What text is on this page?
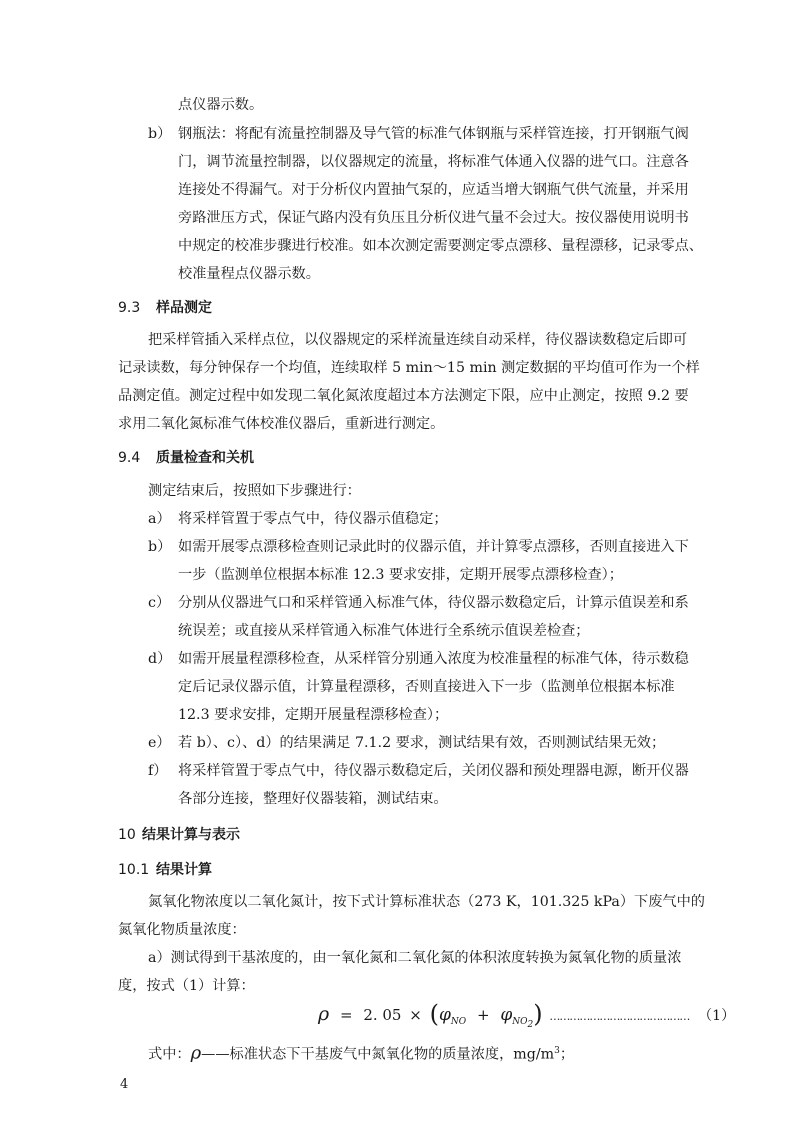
点仪器示数。
b） 钢瓶法：将配有流量控制器及导气管的标准气体钢瓶与采样管连接，打开钢瓶气阀
门，调节流量控制器，以仪器规定的流量，将标准气体通入仪器的进气口。注意各
连接处不得漏气。对于分析仪内置抽气泵的，应适当增大钢瓶气供气流量，并采用
旁路泄压方式，保证气路内没有负压且分析仪进气量不会过大。按仪器使用说明书
中规定的校准步骤进行校准。如本次测定需要测定零点漂移、量程漂移，记录零点、
校准量程点仪器示数。
9.3 样品测定
把采样管插入采样点位，以仪器规定的采样流量连续自动采样，待仪器读数稳定后即可
记录读数，每分钟保存一个均值，连续取样 5 min～15 min 测定数据的平均值可作为一个样
品测定值。测定过程中如发现二氧化氮浓度超过本方法测定下限，应中止测定，按照 9.2 要
求用二氧化氮标准气体校准仪器后，重新进行测定。
9.4 质量检查和关机
测定结束后，按照如下步骤进行：
a） 将采样管置于零点气中，待仪器示值稳定；
b） 如需开展零点漂移检查则记录此时的仪器示值，并计算零点漂移，否则直接进入下
一步（监测单位根据本标准 12.3 要求安排，定期开展零点漂移检查）；
c） 分别从仪器进气口和采样管通入标准气体，待仪器示数稳定后，计算示值误差和系
统误差；或直接从采样管通入标准气体进行全系统示值误差检查；
d） 如需开展量程漂移检查，从采样管分别通入浓度为校准量程的标准气体，待示数稳
定后记录仪器示值，计算量程漂移，否则直接进入下一步（监测单位根据本标准
12.3 要求安排，定期开展量程漂移检查）；
e） 若 b）、c）、d）的结果满足 7.1.2 要求，测试结果有效，否则测试结果无效；
f） 将采样管置于零点气中，待仪器示数稳定后，关闭仪器和预处理器电源，断开仪器
各部分连接，整理好仪器装箱，测试结束。
10 结果计算与表示
10.1 结果计算
氮氧化物浓度以二氧化氮计，按下式计算标准状态（273 K，101.325 kPa）下废气中的
氮氧化物质量浓度：
a）测试得到干基浓度的，由一氧化氮和二氧化氮的体积浓度转换为氮氧化物的质量浓
度，按式（1）计算：
ρ = 2. $05 \times (\varphi_{NO} + \varphi_{NO_2})$ …………………………………… （1）
式中：ρ——标准状态下干基废气中氮氧化物的质量浓度，$mg/m^3$；
4
